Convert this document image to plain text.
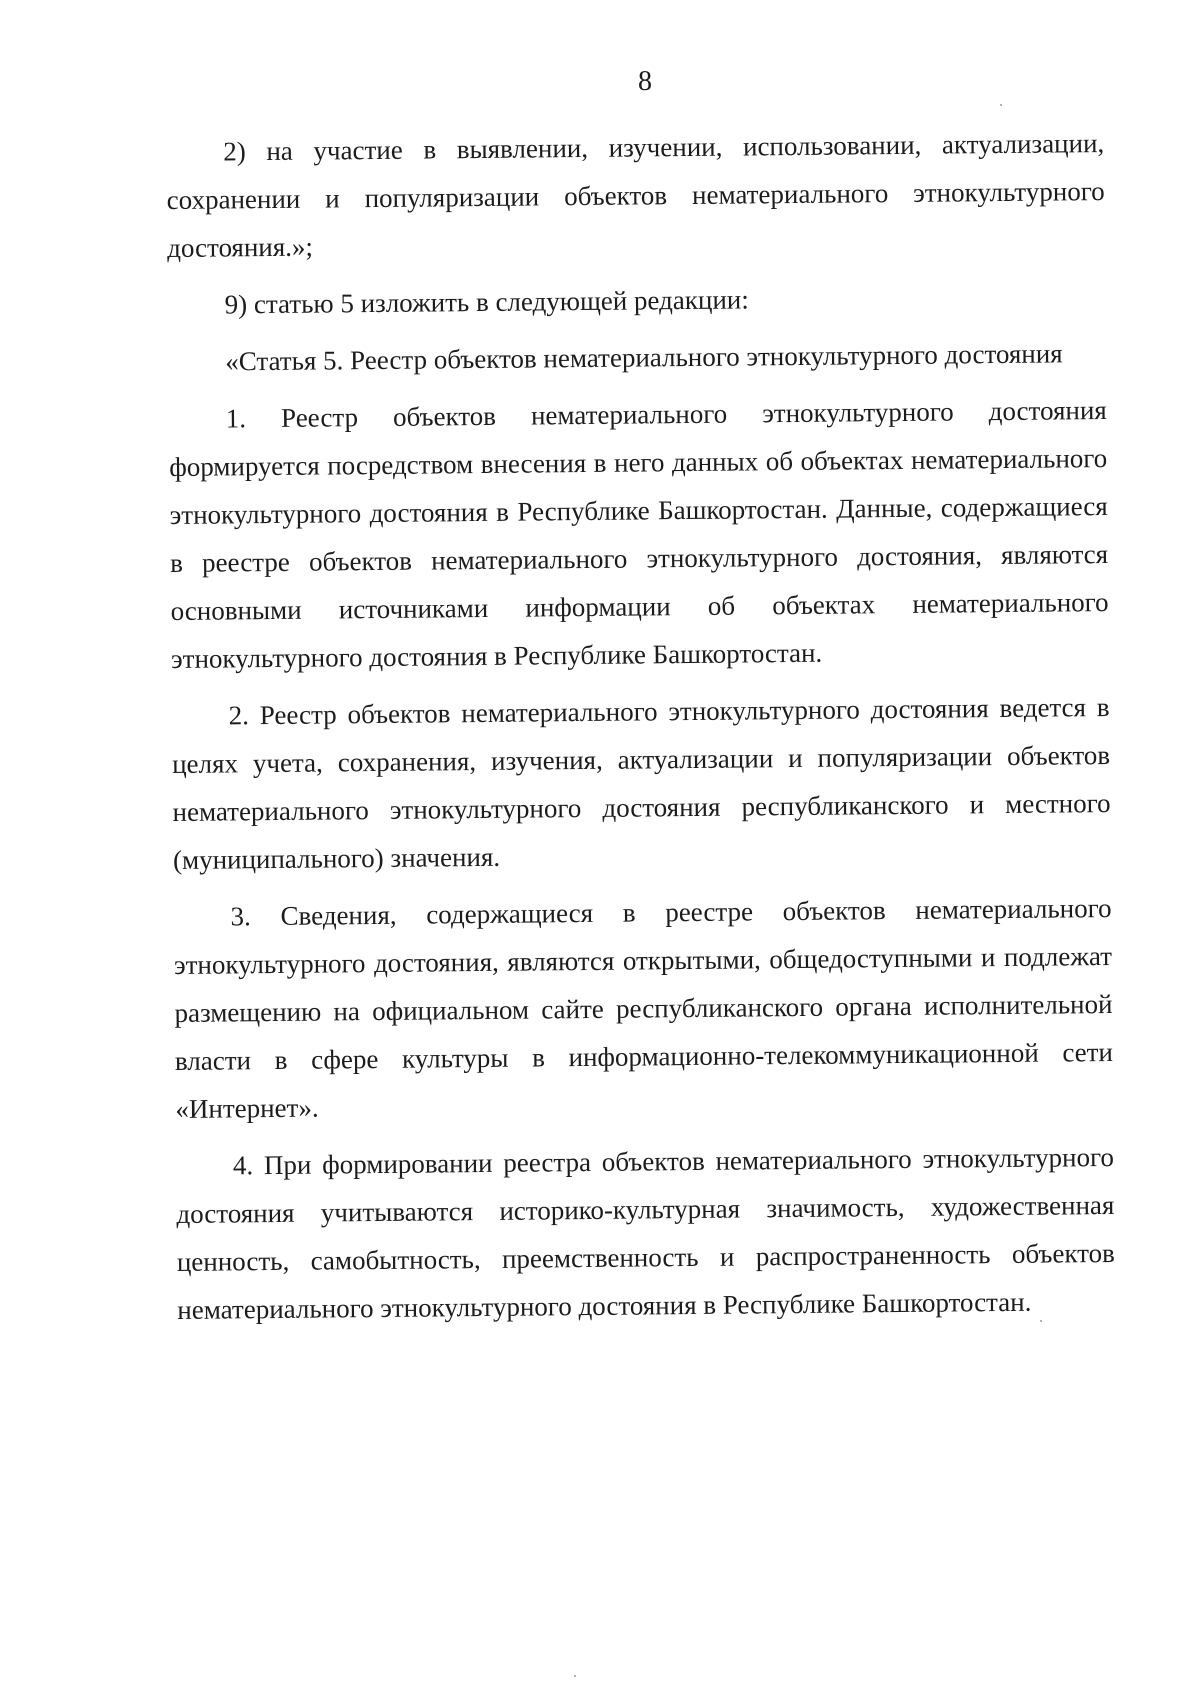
8

2) на участие в выявлении, изучении, использовании, актуализации, сохранении и популяризации объектов нематериального этнокультурного достояния.»;

9) статью 5 изложить в следующей редакции:

«Статья 5. Реестр объектов нематериального этнокультурного достояния

1. Реестр объектов нематериального этнокультурного достояния формируется посредством внесения в него данных об объектах нематериального этнокультурного достояния в Республике Башкортостан. Данные, содержащиеся в реестре объектов нематериального этнокультурного достояния, являются основными источниками информации об объектах нематериального этнокультурного достояния в Республике Башкортостан.

2. Реестр объектов нематериального этнокультурного достояния ведется в целях учета, сохранения, изучения, актуализации и популяризации объектов нематериального этнокультурного достояния республиканского и местного (муниципального) значения.

3. Сведения, содержащиеся в реестре объектов нематериального этнокультурного достояния, являются открытыми, общедоступными и подлежат размещению на официальном сайте республиканского органа исполнительной власти в сфере культуры в информационно-телекоммуникационной сети «Интернет».

4. При формировании реестра объектов нематериального этнокультурного достояния учитываются историко-культурная значимость, художественная ценность, самобытность, преемственность и распространенность объектов нематериального этнокультурного достояния в Республике Башкортостан.
